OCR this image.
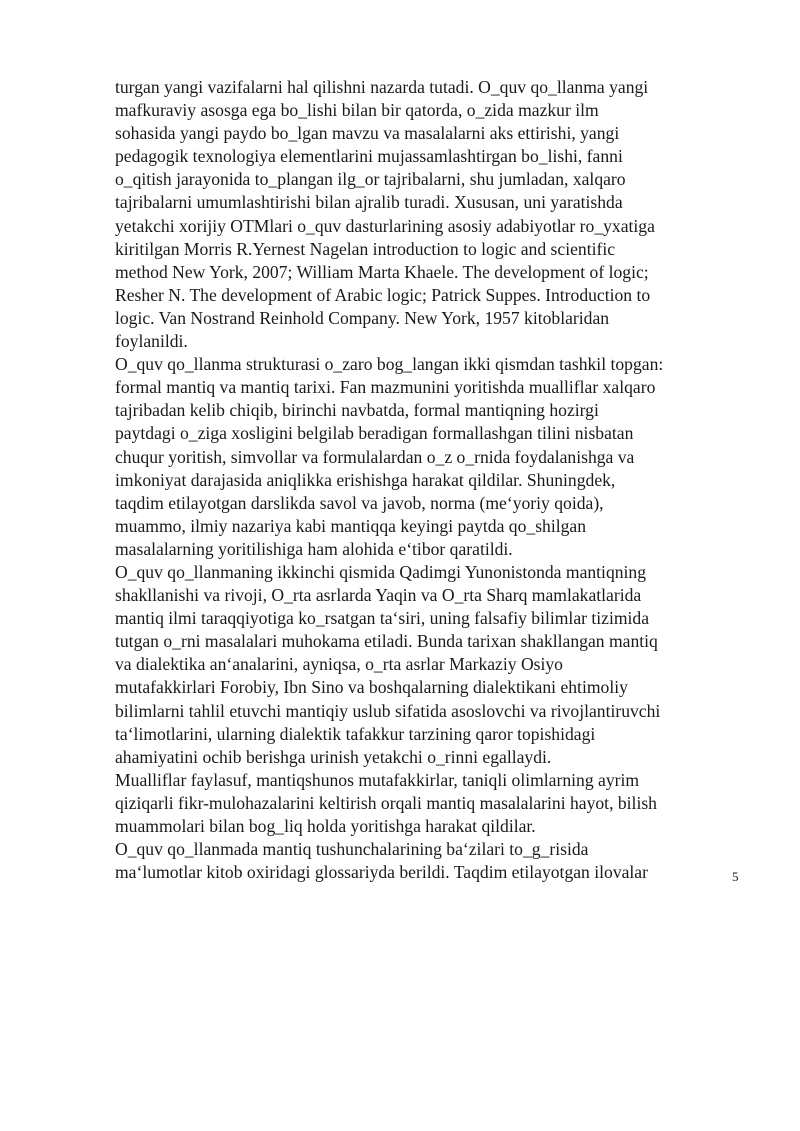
turgan yangi vazifalarni hal qilishni nazarda tutadi. O_quv qo_llanma yangi
mafkuraviy asosga ega bo_lishi bilan bir qatorda, o_zida mazkur ilm
sohasida yangi paydo bo_lgan mavzu va masalalarni aks ettirishi, yangi
pedagogik texnologiya elementlarini mujassamlashtirgan bo_lishi, fanni
o_qitish jarayonida to_plangan ilg_or tajribalarni, shu jumladan, xalqaro
tajribalarni umumlashtirishi bilan ajralib turadi. Xususan, uni yaratishda
yetakchi xorijiy OTMlari o_quv dasturlarining asosiy adabiyotlar ro_yxatiga
kiritilgan Morris R.Yernest Nagelan introduction to logic and scientific
method New York, 2007; William Marta Khaele. The development of logic;
Resher N. The development of Arabic logic; Patrick Suppes. Introduction to
logic. Van Nostrand Reinhold Company. New York, 1957 kitoblaridan
foylanildi.
O_quv qo_llanma strukturasi o_zaro bog_langan ikki qismdan tashkil topgan:
formal mantiq va mantiq tarixi. Fan mazmunini yoritishda mualliflar xalqaro
tajribadan kelib chiqib, birinchi navbatda, formal mantiqning hozirgi
paytdagi o_ziga xosligini belgilab beradigan formallashgan tilini nisbatan
chuqur yoritish, simvollar va formulalardan o_z o_rnida foydalanishga va
imkoniyat darajasida aniqlikka erishishga harakat qildilar. Shuningdek,
taqdim etilayotgan darslikda savol va javob, norma (me‘yoriy qoida),
muammo, ilmiy nazariya kabi mantiqqa keyingi paytda qo_shilgan
masalalarning yoritilishiga ham alohida e‘tibor qaratildi.
O_quv qo_llanmaning ikkinchi qismida Qadimgi Yunonistonda mantiqning
shakllanishi va rivoji, O_rta asrlarda Yaqin va O_rta Sharq mamlakatlarida
mantiq ilmi taraqqiyotiga ko_rsatgan ta‘siri, uning falsafiy bilimlar tizimida
tutgan o_rni masalalari muhokama etiladi. Bunda tarixan shakllangan mantiq
va dialektika an‘analarini, ayniqsa, o_rta asrlar Markaziy Osiyo
mutafakkirlari Forobiy, Ibn Sino va boshqalarning dialektikani ehtimoliy
bilimlarni tahlil etuvchi mantiqiy uslub sifatida asoslovchi va rivojlantiruvchi
ta‘limotlarini, ularning dialektik tafakkur tarzining qaror topishidagi
ahamiyatini ochib berishga urinish yetakchi o_rinni egallaydi.
Mualliflar faylasuf, mantiqshunos mutafakkirlar, taniqli olimlarning ayrim
qiziqarli fikr-mulohazalarini keltirish orqali mantiq masalalarini hayot, bilish
muammolari bilan bog_liq holda yoritishga harakat qildilar.
O_quv qo_llanmada mantiq tushunchalarining ba‘zilari to_g_risida
ma‘lumotlar kitob oxiridagi glossariyda berildi. Taqdim etilayotgan ilovalar	5
